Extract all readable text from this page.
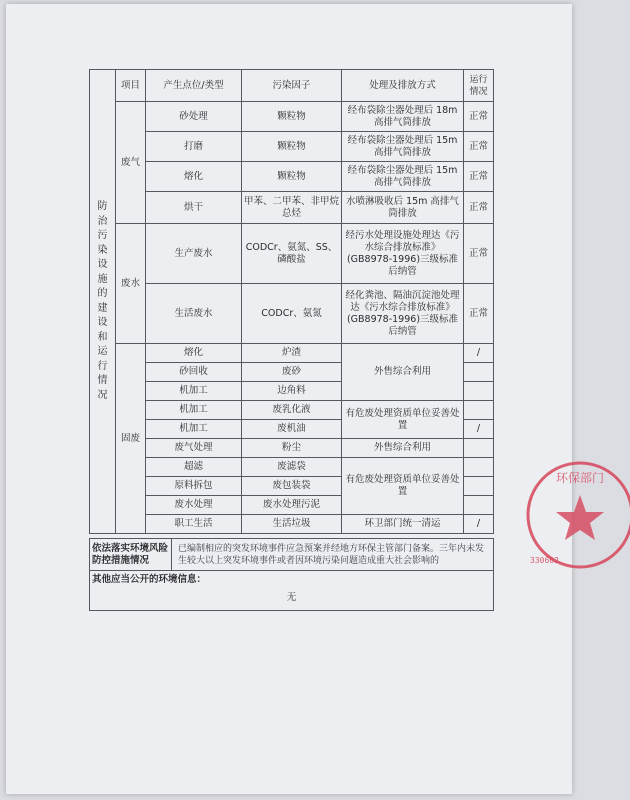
防治污染设施的建设和运行情况	项目	产生点位/类型	污染因子	处理及排放方式	运行情况
	废气	砂处理	颗粒物	经布袋除尘器处理后 18m 高排气筒排放	正常
		打磨	颗粒物	经布袋除尘器处理后 15m 高排气筒排放	正常
		熔化	颗粒物	经布袋除尘器处理后 15m 高排气筒排放	正常
		烘干	甲苯、二甲苯、非甲烷总烃	水喷淋吸收后 15m 高排气筒排放	正常
	废水	生产废水	CODCr、氨氮、SS、磷酸盐	经污水处理设施处理达《污水综合排放标准》(GB8978-1996)三级标准后纳管	正常
		生活废水	CODCr、氨氮	经化粪池、隔油沉淀池处理达《污水综合排放标准》(GB8978-1996)三级标准后纳管	正常
	固废	熔化	炉渣	外售综合利用	/
		砂回收	废砂		
		机加工	边角料		
		机加工	废乳化液	有危废处理资质单位妥善处置	
		机加工	废机油		/
		废气处理	粉尘	外售综合利用	
		超滤	废滤袋	有危废处理资质单位妥善处置	
		原料拆包	废包装袋		
		废水处理	废水处理污泥		
		职工生活	生活垃圾	环卫部门统一清运	/
依法落实环境风险防控措施情况	已编制相应的突发环境事件应急预案并经地方环保主管部门备案。三年内未发生较大以上突发环境事件或者因环境污染问题造成重大社会影响的

其他应当公开的环境信息：
无
环保部门
330602
